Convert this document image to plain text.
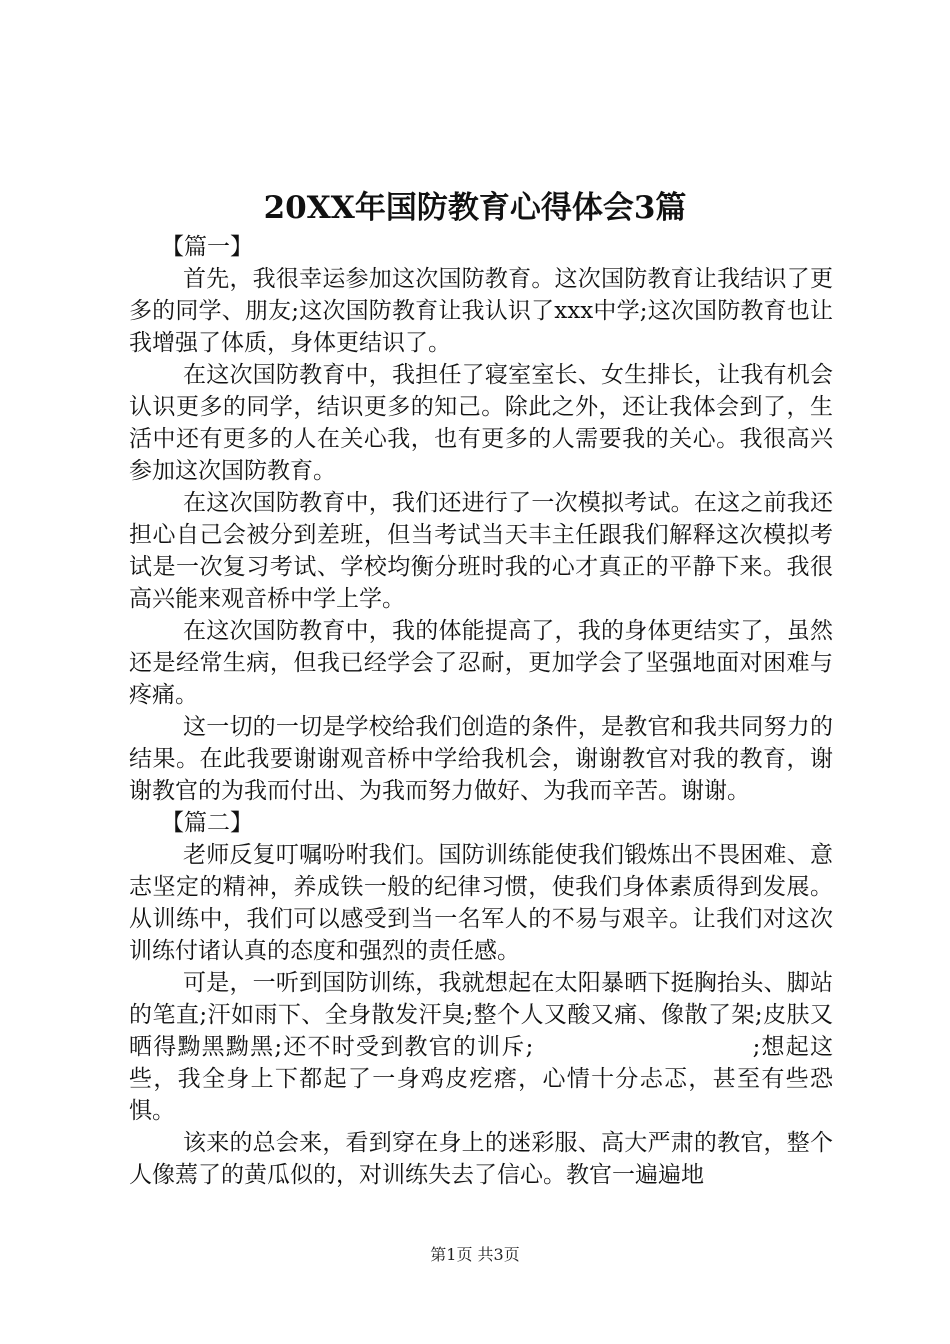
20XX年国防教育心得体会3篇

【篇一】

首先，我很幸运参加这次国防教育。这次国防教育让我结识了更多的同学、朋友;这次国防教育让我认识了xxx中学;这次国防教育也让我增强了体质，身体更结识了。

在这次国防教育中，我担任了寝室室长、女生排长，让我有机会认识更多的同学，结识更多的知己。除此之外，还让我体会到了，生活中还有更多的人在关心我，也有更多的人需要我的关心。我很高兴参加这次国防教育。

在这次国防教育中，我们还进行了一次模拟考试。在这之前我还担心自己会被分到差班，但当考试当天丰主任跟我们解释这次模拟考试是一次复习考试、学校均衡分班时我的心才真正的平静下来。我很高兴能来观音桥中学上学。

在这次国防教育中，我的体能提高了，我的身体更结实了，虽然还是经常生病，但我已经学会了忍耐，更加学会了坚强地面对困难与疼痛。

这一切的一切是学校给我们创造的条件，是教官和我共同努力的结果。在此我要谢谢观音桥中学给我机会，谢谢教官对我的教育，谢谢教官的为我而付出、为我而努力做好、为我而辛苦。谢谢。

【篇二】

老师反复叮嘱吩咐我们。国防训练能使我们锻炼出不畏困难、意志坚定的精神，养成铁一般的纪律习惯，使我们身体素质得到发展。从训练中，我们可以感受到当一名军人的不易与艰辛。让我们对这次训练付诸认真的态度和强烈的责任感。

可是，一听到国防训练，我就想起在太阳暴晒下挺胸抬头、脚站的笔直;汗如雨下、全身散发汗臭;整个人又酸又痛、像散了架;皮肤又晒得黝黑黝黑;还不时受到教官的训斥;　　　　　　　　　;想起这些，我全身上下都起了一身鸡皮疙瘩，心情十分忐忑，甚至有些恐惧。

该来的总会来，看到穿在身上的迷彩服、高大严肃的教官，整个人像蔫了的黄瓜似的，对训练失去了信心。教官一遍遍地

第1页 共3页
